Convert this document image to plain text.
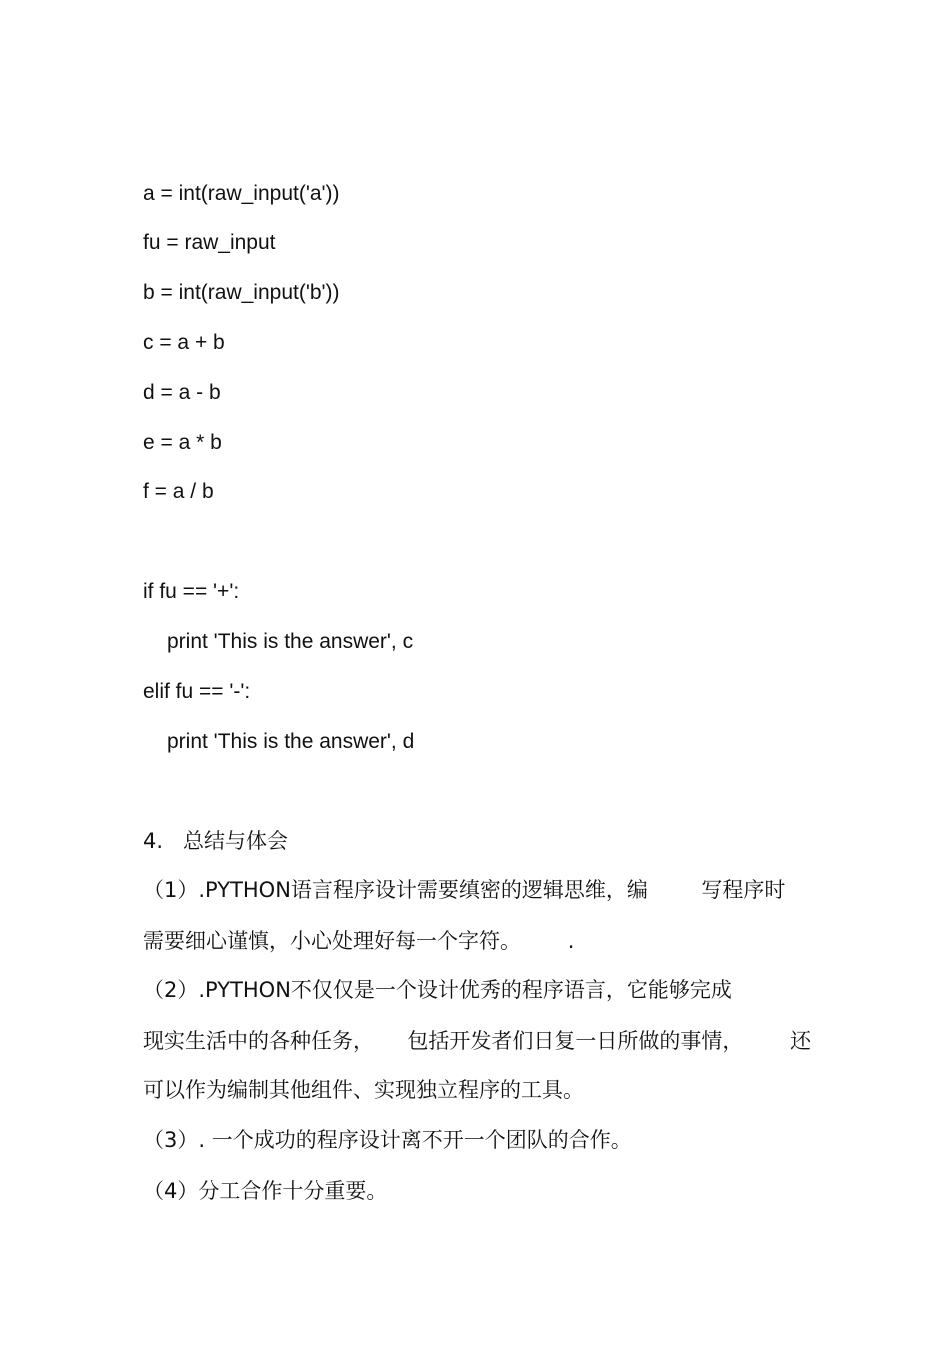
a = int(raw_input('a'))
fu = raw_input
b = int(raw_input('b'))
c = a + b
d = a - b
e = a * b
f = a / b
if fu == '+':
print 'This is the answer', c
elif fu == '-':
print 'This is the answer', d
4.   总结与体会
（1）.PYTHON语言程序设计需要缜密的逻辑思维，编        写程序时
需要细心谨慎，小心处理好每一个字符。       .
（2）.PYTHON不仅仅是一个设计优秀的程序语言，它能够完成
现实生活中的各种任务，     包括开发者们日复一日所做的事情，       还
可以作为编制其他组件、实现独立程序的工具。
（3）. 一个成功的程序设计离不开一个团队的合作。
（4）分工合作十分重要。
